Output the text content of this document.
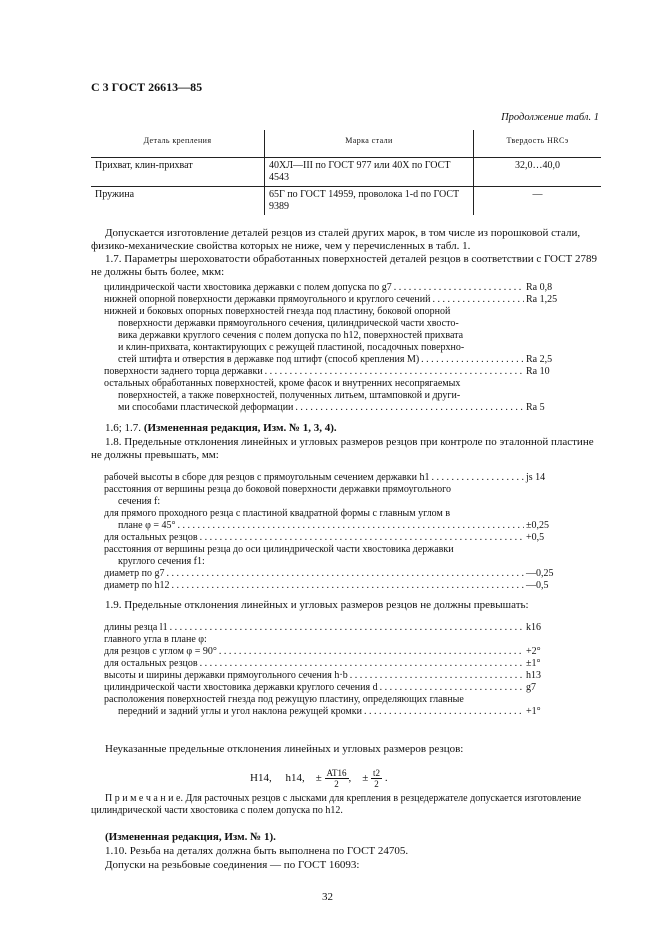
С 3 ГОСТ 26613—85
Продолжение табл. 1
Деталь крепления	Марка стали	Твердость HRCэ
Прихват, клин-прихват	40ХЛ—III по ГОСТ 977 или 40Х по ГОСТ 4543	32,0…40,0
Пружина	65Г по ГОСТ 14959, проволока 1-d по ГОСТ 9389	—
Допускается изготовление деталей резцов из сталей других марок, в том числе из порошковой стали, физико-механические свойства которых не ниже, чем у перечисленных в табл. 1.
1.7. Параметры шероховатости обработанных поверхностей деталей резцов в соответствии с ГОСТ 2789 не должны быть более, мкм:
цилиндрической части хвостовика державки с полем допуска по g7 . . .	Ra 0,8
нижней опорной поверхности державки прямоугольного и круглого сечений . . .	Ra 1,25
нижней и боковых опорных поверхностей гнезда под пластину, боковой опорной
поверхности державки прямоугольного сечения, цилиндрической части хвосто-
вика державки круглого сечения с полем допуска по h12, поверхностей прихвата
и клин-прихвата, контактирующих с режущей пластиной, посадочных поверхно-
стей штифта и отверстия в державке под штифт (способ крепления М) . . .	Ra 2,5
поверхности заднего торца державки . . .	Ra 10
остальных обработанных поверхностей, кроме фасок и внутренних несопрягаемых
поверхностей, а также поверхностей, полученных литьем, штамповкой и други-
ми способами пластической деформации . . .	Ra 5
1.6; 1.7. (Измененная редакция, Изм. № 1, 3, 4).
1.8. Предельные отклонения линейных и угловых размеров резцов при контроле по эталонной пластине не должны превышать, мм:
рабочей высоты в сборе для резцов с прямоугольным сечением державки h1 . . .	js 14
расстояния от вершины резца до боковой поверхности державки прямоугольного
сечения f:
для прямого проходного резца с пластиной квадратной формы с главным углом в
плане φ = 45° . . .	±0,25
для остальных резцов . . .	+0,5
расстояния от вершины резца до оси цилиндрической части хвостовика державки
круглого сечения f1:
диаметр по g7 . . .	—0,25
диаметр по h12 . . .	—0,5
1.9. Предельные отклонения линейных и угловых размеров резцов не должны превышать:
длины резца l1 . . .	k16
главного угла в плане φ:
для резцов с углом φ = 90° . . .	+2°
для остальных резцов . . .	±1°
высоты и ширины державки прямоугольного сечения h·b . . .	h13
цилиндрической части хвостовика державки круглого сечения d . . .	g7
расположения поверхностей гнезда под режущую пластину, определяющих главные
передний и задний углы и угол наклона режущей кромки . . .	+1°
Неуказанные предельные отклонения линейных и угловых размеров резцов:
H14, h14, ± $\frac{AT16}{2}$,    ± $\frac{t2}{2}$ .
П р и м е ч а н и е. Для расточных резцов с лысками для крепления в резцедержателе допускается изготовление цилиндрической части хвостовика с полем допуска по h12.
(Измененная редакция, Изм. № 1).
1.10. Резьба на деталях должна быть выполнена по ГОСТ 24705.
Допуски на резьбовые соединения — по ГОСТ 16093:
32
